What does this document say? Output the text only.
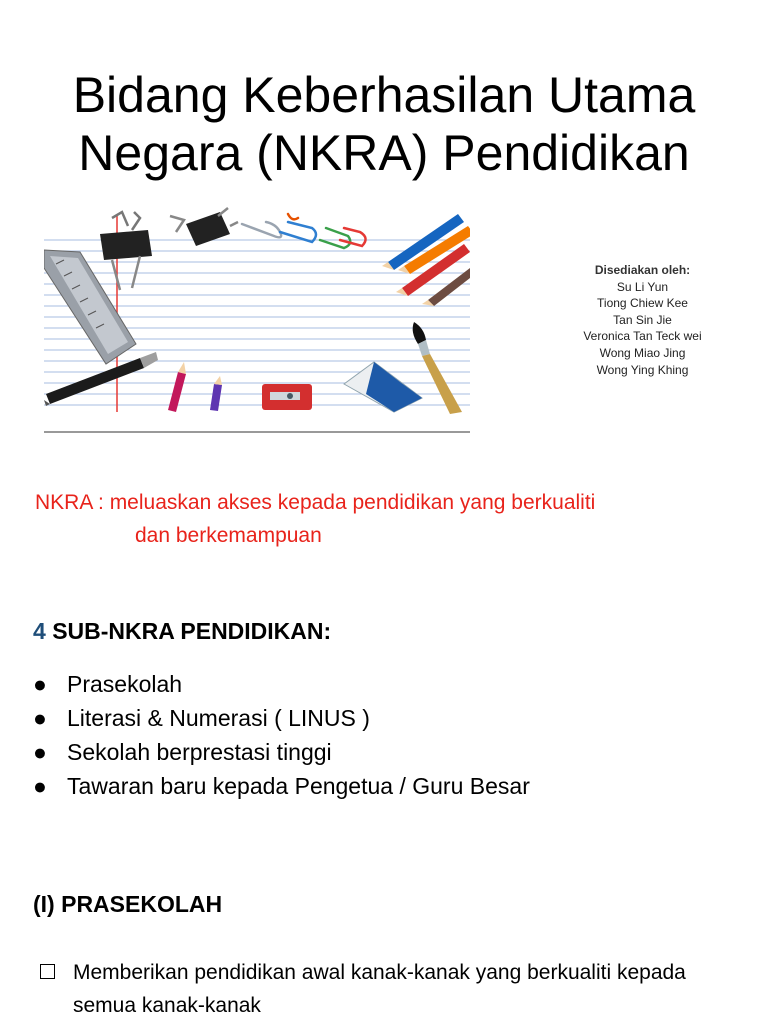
Bidang Keberhasilan Utama
Negara (NKRA) Pendidikan
Disediakan oleh:
Su Li Yun
Tiong Chiew Kee
Tan Sin Jie
Veronica Tan Teck wei
Wong Miao Jing
Wong Ying Khing
NKRA : meluaskan akses kepada pendidikan yang berkualiti
dan berkemampuan
4 SUB-NKRA PENDIDIKAN:
● Prasekolah
● Literasi & Numerasi ( LINUS )
● Sekolah berprestasi tinggi
● Tawaran baru kepada Pengetua / Guru Besar
(I) PRASEKOLAH
Memberikan pendidikan awal kanak-kanak yang berkualiti kepada semua kanak-kanak
